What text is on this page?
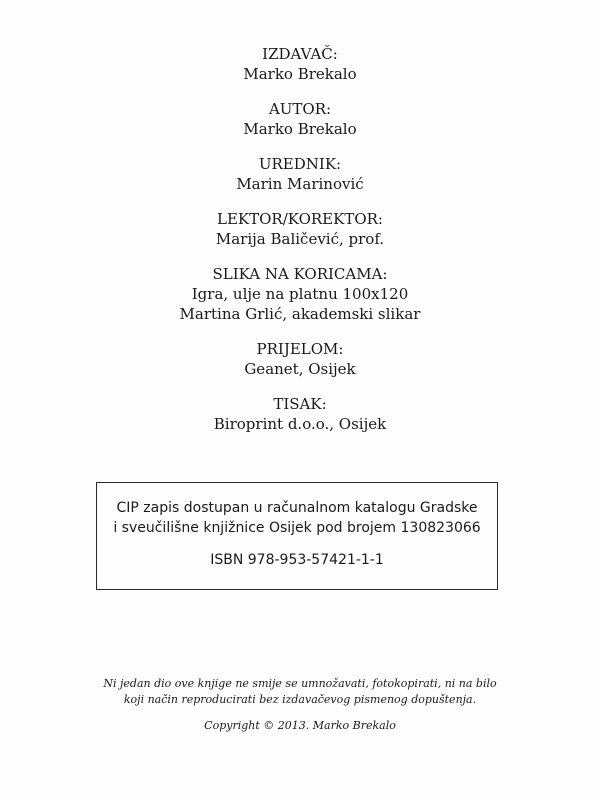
IZDAVAČ:
Marko Brekalo
AUTOR:
Marko Brekalo
UREDNIK:
Marin Marinović
LEKTOR/KOREKTOR:
Marija Baličević, prof.
SLIKA NA KORICAMA:
Igra, ulje na platnu 100x120
Martina Grlić, akademski slikar
PRIJELOM:
Geanet, Osijek
TISAK:
Biroprint d.o.o., Osijek
CIP zapis dostupan u računalnom katalogu Gradske
i sveučilišne knjižnice Osijek pod brojem 130823066
ISBN 978-953-57421-1-1
Ni jedan dio ove knjige ne smije se umnožavati, fotokopirati, ni na bilo
koji način reproducirati bez izdavačevog pismenog dopuštenja.
Copyright © 2013. Marko Brekalo
